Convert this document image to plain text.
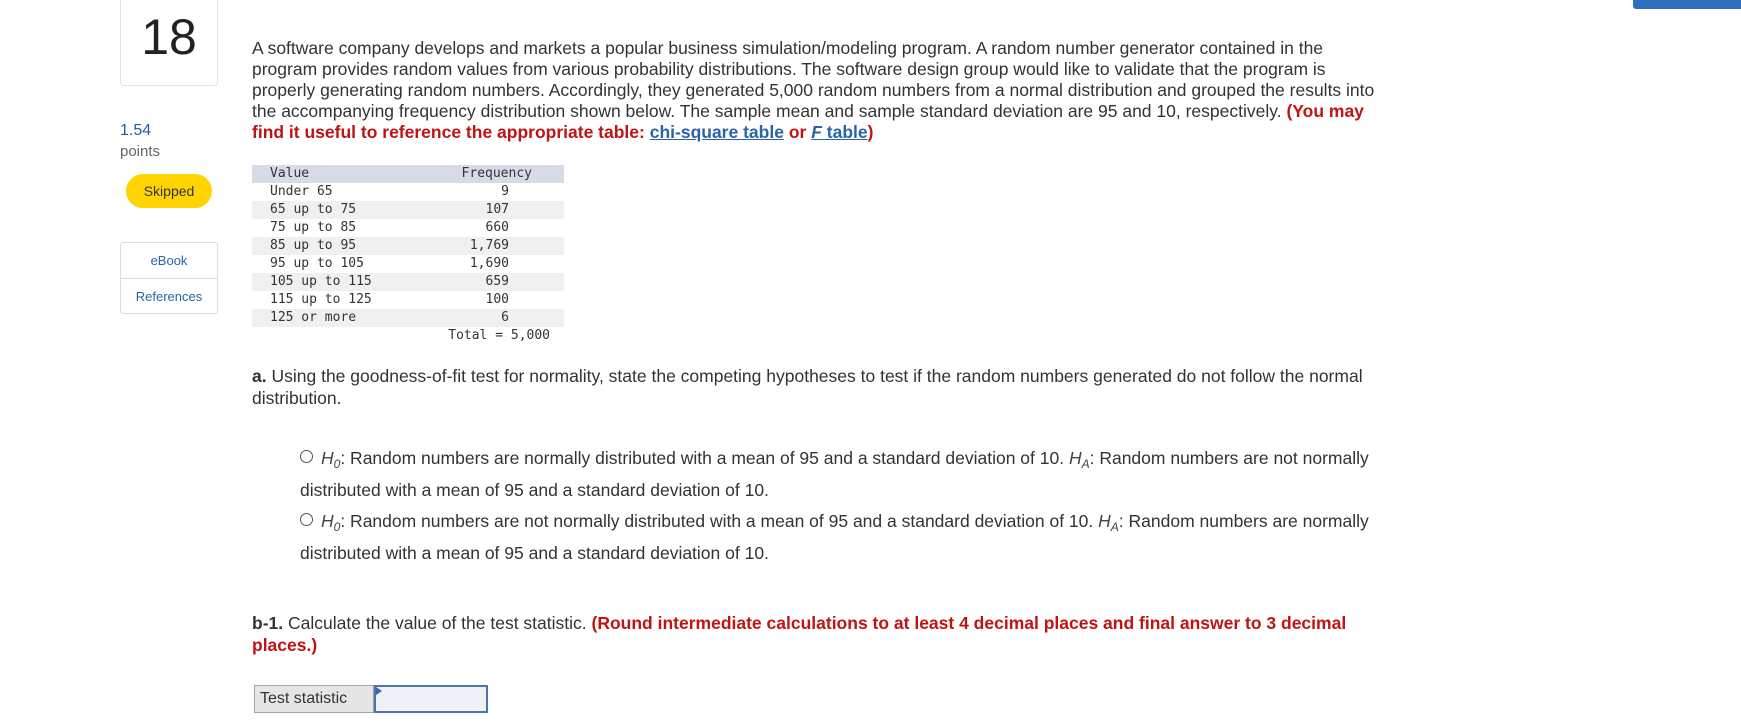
18
1.54
points
Skipped
eBook
References

A software company develops and markets a popular business simulation/modeling program. A random number generator contained in the program provides random values from various probability distributions. The software design group would like to validate that the program is properly generating random numbers. Accordingly, they generated 5,000 random numbers from a normal distribution and grouped the results into the accompanying frequency distribution shown below. The sample mean and sample standard deviation are 95 and 10, respectively. (You may find it useful to reference the appropriate table: chi-square table or F table)

Value	Frequency
Under 65	9
65 up to 75	107
75 up to 85	660
85 up to 95	1,769
95 up to 105	1,690
105 up to 115	659
115 up to 125	100
125 or more	6
Total = 5,000

a. Using the goodness-of-fit test for normality, state the competing hypotheses to test if the random numbers generated do not follow the normal distribution.

$H_0$: Random numbers are normally distributed with a mean of 95 and a standard deviation of 10. $H_A$: Random numbers are not normally distributed with a mean of 95 and a standard deviation of 10.
$H_0$: Random numbers are not normally distributed with a mean of 95 and a standard deviation of 10. $H_A$: Random numbers are normally distributed with a mean of 95 and a standard deviation of 10.

b-1. Calculate the value of the test statistic. (Round intermediate calculations to at least 4 decimal places and final answer to 3 decimal places.)

Test statistic
